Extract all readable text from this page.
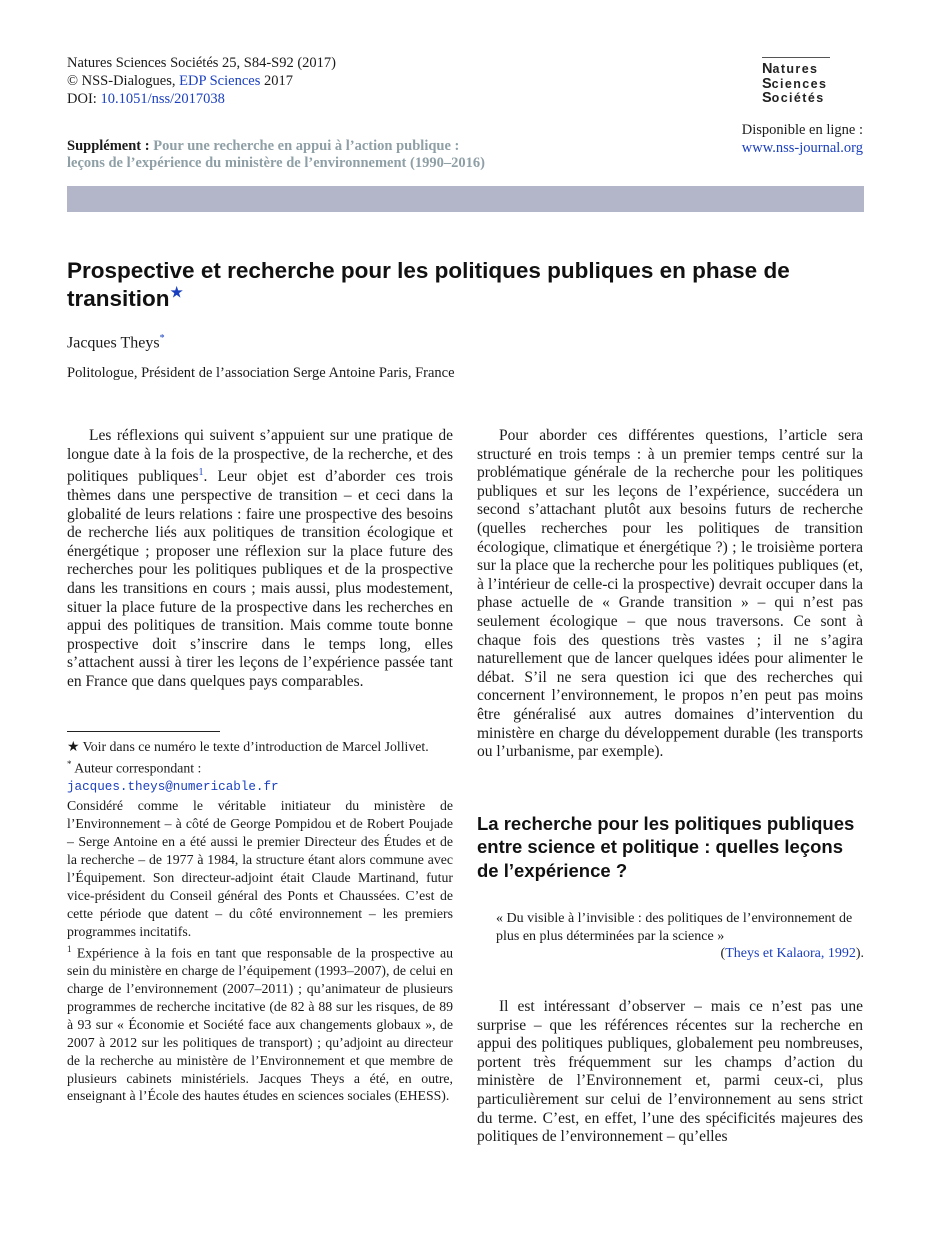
Natures Sciences Sociétés 25, S84-S92 (2017)
© NSS-Dialogues, EDP Sciences 2017
DOI: 10.1051/nss/2017038
Natures
Sciences
Sociétés
Disponible en ligne :
www.nss-journal.org
Supplément : Pour une recherche en appui à l’action publique :
leçons de l’expérience du ministère de l’environnement (1990–2016)
Prospective et recherche pour les politiques publiques en phase de transition★
Jacques Theys*
Politologue, Président de l’association Serge Antoine Paris, France

Les réflexions qui suivent s’appuient sur une pratique de longue date à la fois de la prospective, de la recherche, et des politiques publiques$^1$. Leur objet est d’aborder ces trois thèmes dans une perspective de transition – et ceci dans la globalité de leurs relations : faire une prospective des besoins de recherche liés aux politiques de transition écologique et énergétique ; proposer une réflexion sur la place future des recherches pour les politiques publiques et de la prospective dans les transitions en cours ; mais aussi, plus modestement, situer la place future de la prospective dans les recherches en appui des politiques de transition. Mais comme toute bonne prospective doit s’inscrire dans le temps long, elles s’attachent aussi à tirer les leçons de l’expérience passée tant en France que dans quelques pays comparables.

★ Voir dans ce numéro le texte d’introduction de Marcel Jollivet.

* Auteur correspondant :

jacques.theys@numericable.fr

Considéré comme le véritable initiateur du ministère de l’Environnement – à côté de George Pompidou et de Robert Poujade – Serge Antoine en a été aussi le premier Directeur des Études et de la recherche – de 1977 à 1984, la structure étant alors commune avec l’Équipement. Son directeur-adjoint était Claude Martinand, futur vice-président du Conseil général des Ponts et Chaussées. C’est de cette période que datent – du côté environnement – les premiers programmes incitatifs.

$^1$ Expérience à la fois en tant que responsable de la prospective au sein du ministère en charge de l’équipement (1993–2007), de celui en charge de l’environnement (2007–2011) ; qu’animateur de plusieurs programmes de recherche incitative (de 82 à 88 sur les risques, de 89 à 93 sur « Économie et Société face aux changements globaux », de 2007 à 2012 sur les politiques de transport) ; qu’adjoint au directeur de la recherche au ministère de l’Environnement et que membre de plusieurs cabinets ministériels. Jacques Theys a été, en outre, enseignant à l’École des hautes études en sciences sociales (EHESS).

Pour aborder ces différentes questions, l’article sera structuré en trois temps : à un premier temps centré sur la problématique générale de la recherche pour les politiques publiques et sur les leçons de l’expérience, succédera un second s’attachant plutôt aux besoins futurs de recherche (quelles recherches pour les politiques de transition écologique, climatique et énergétique ?) ; le troisième portera sur la place que la recherche pour les politiques publiques (et, à l’intérieur de celle-ci la prospective) devrait occuper dans la phase actuelle de « Grande transition » – qui n’est pas seulement écologique – que nous traversons. Ce sont à chaque fois des questions très vastes ; il ne s’agira naturellement que de lancer quelques idées pour alimenter le débat. S’il ne sera question ici que des recherches qui concernent l’environnement, le propos n’en peut pas moins être généralisé aux autres domaines d’intervention du ministère en charge du développement durable (les transports ou l’urbanisme, par exemple).

La recherche pour les politiques publiques entre science et politique : quelles leçons de l’expérience ?
« Du visible à l’invisible : des politiques de l’environnement de plus en plus déterminées par la science »
(Theys et Kalaora, 1992).

Il est intéressant d’observer – mais ce n’est pas une surprise – que les références récentes sur la recherche en appui des politiques publiques, globalement peu nombreuses, portent très fréquemment sur les champs d’action du ministère de l’Environnement et, parmi ceux-ci, plus particulièrement sur celui de l’environnement au sens strict du terme. C’est, en effet, l’une des spécificités majeures des politiques de l’environnement – qu’elles
